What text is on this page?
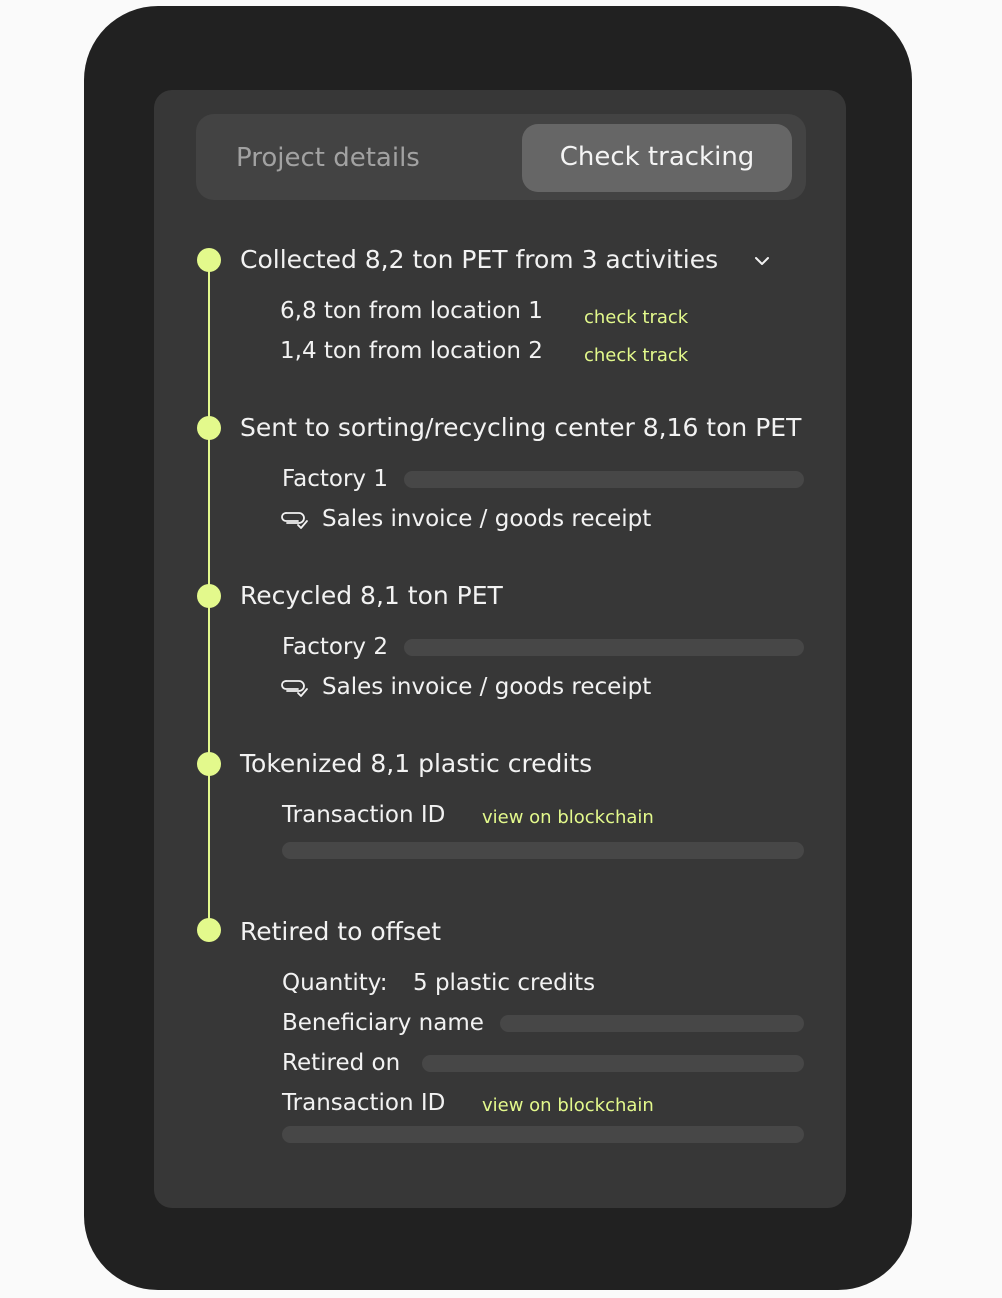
Project details	Check tracking
Collected 8,2 ton PET from 3 activities
6,8 ton from location 1 check track
1,4 ton from location 2 check track
Sent to sorting/recycling center 8,16 ton PET
Factory 1
Sales invoice / goods receipt
Recycled 8,1 ton PET
Factory 2
Sales invoice / goods receipt
Tokenized 8,1 plastic credits
Transaction ID view on blockchain
Retired to offset
Quantity: 5 plastic credits
Beneficiary name
Retired on
Transaction ID view on blockchain
